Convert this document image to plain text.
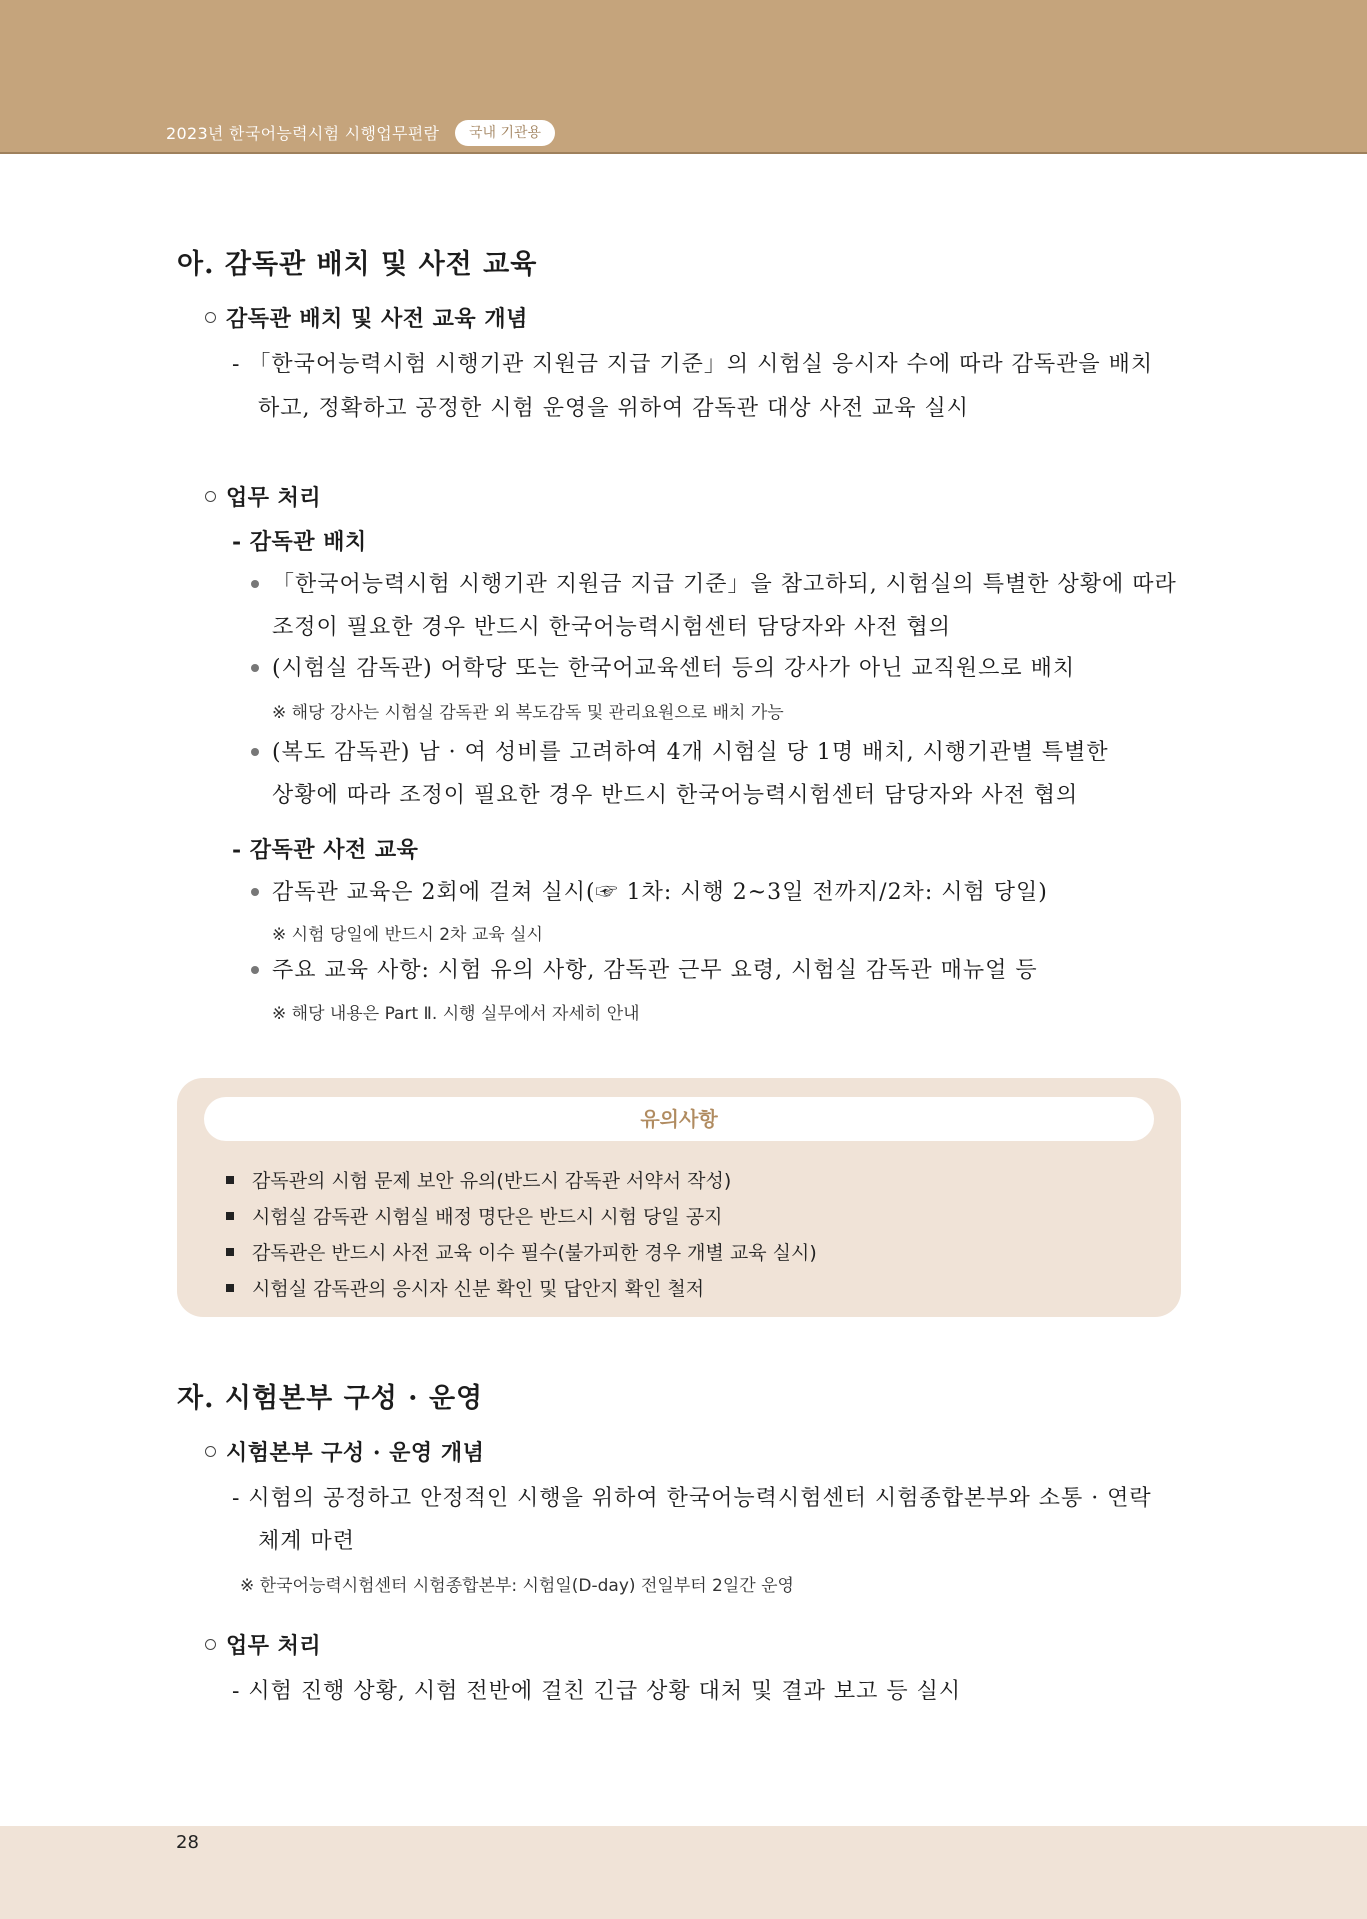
2023년 한국어능력시험 시행업무편람	국내 기관용
아. 감독관 배치 및 사전 교육
감독관 배치 및 사전 교육 개념
- 「한국어능력시험 시행기관 지원금 지급 기준」의 시험실 응시자 수에 따라 감독관을 배치
하고, 정확하고 공정한 시험 운영을 위하여 감독관 대상 사전 교육 실시
업무 처리
- 감독관 배치
「한국어능력시험 시행기관 지원금 지급 기준」을 참고하되, 시험실의 특별한 상황에 따라
조정이 필요한 경우 반드시 한국어능력시험센터 담당자와 사전 협의
(시험실 감독관) 어학당 또는 한국어교육센터 등의 강사가 아닌 교직원으로 배치
※ 해당 강사는 시험실 감독관 외 복도감독 및 관리요원으로 배치 가능
(복도 감독관) 남 · 여 성비를 고려하여 4개 시험실 당 1명 배치, 시행기관별 특별한
상황에 따라 조정이 필요한 경우 반드시 한국어능력시험센터 담당자와 사전 협의
- 감독관 사전 교육
감독관 교육은 2회에 걸쳐 실시(☞ 1차: 시행 2~3일 전까지/2차: 시험 당일)
※ 시험 당일에 반드시 2차 교육 실시
주요 교육 사항: 시험 유의 사항, 감독관 근무 요령, 시험실 감독관 매뉴얼 등
※ 해당 내용은 Part Ⅱ. 시행 실무에서 자세히 안내
유의사항
감독관의 시험 문제 보안 유의(반드시 감독관 서약서 작성)
시험실 감독관 시험실 배정 명단은 반드시 시험 당일 공지
감독관은 반드시 사전 교육 이수 필수(불가피한 경우 개별 교육 실시)
시험실 감독관의 응시자 신분 확인 및 답안지 확인 철저
자. 시험본부 구성 · 운영
시험본부 구성 · 운영 개념
- 시험의 공정하고 안정적인 시행을 위하여 한국어능력시험센터 시험종합본부와 소통 · 연락
체계 마련
※ 한국어능력시험센터 시험종합본부: 시험일(D-day) 전일부터 2일간 운영
업무 처리
- 시험 진행 상황, 시험 전반에 걸친 긴급 상황 대처 및 결과 보고 등 실시
28
